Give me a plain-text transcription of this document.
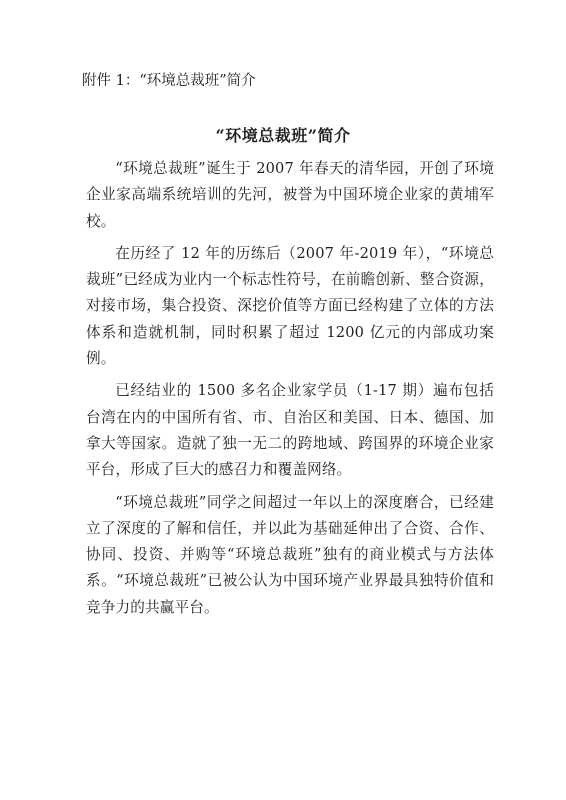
附件 1：“环境总裁班”简介
“环境总裁班”简介

“环境总裁班”诞生于 2007 年春天的清华园，开创了环境企业家高端系统培训的先河，被誉为中国环境企业家的黄埔军校。

在历经了 12 年的历练后（2007 年-2019 年），“环境总裁班”已经成为业内一个标志性符号，在前瞻创新、整合资源，对接市场，集合投资、深挖价值等方面已经构建了立体的方法体系和造就机制，同时积累了超过 1200 亿元的内部成功案例。

已经结业的 1500 多名企业家学员（1-17 期）遍布包括台湾在内的中国所有省、市、自治区和美国、日本、德国、加拿大等国家。造就了独一无二的跨地域、跨国界的环境企业家平台，形成了巨大的感召力和覆盖网络。

“环境总裁班”同学之间超过一年以上的深度磨合，已经建立了深度的了解和信任，并以此为基础延伸出了合资、合作、协同、投资、并购等“环境总裁班”独有的商业模式与方法体系。“环境总裁班”已被公认为中国环境产业界最具独特价值和竞争力的共赢平台。
